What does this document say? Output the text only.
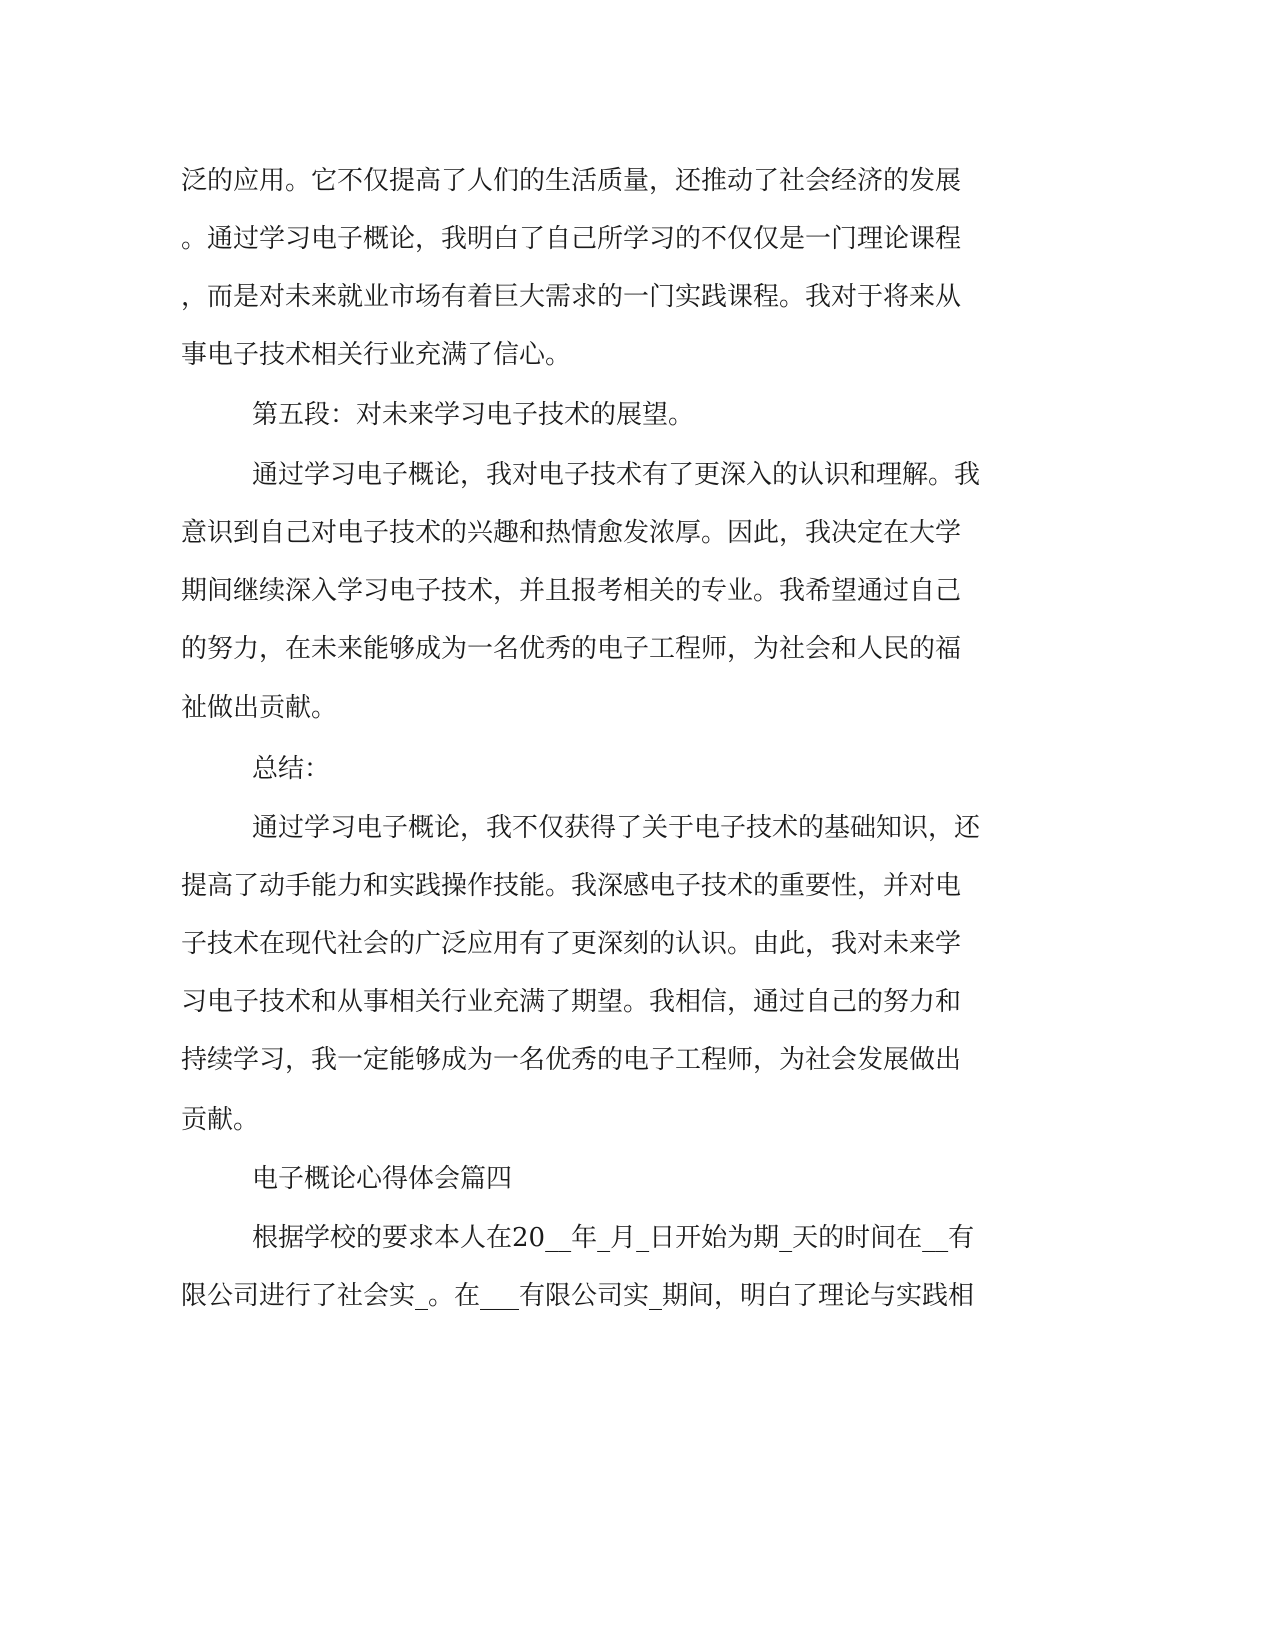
泛的应用。它不仅提高了人们的生活质量，还推动了社会经济的发展

。通过学习电子概论，我明白了自己所学习的不仅仅是一门理论课程

，而是对未来就业市场有着巨大需求的一门实践课程。我对于将来从

事电子技术相关行业充满了信心。

第五段：对未来学习电子技术的展望。

通过学习电子概论，我对电子技术有了更深入的认识和理解。我

意识到自己对电子技术的兴趣和热情愈发浓厚。因此，我决定在大学

期间继续深入学习电子技术，并且报考相关的专业。我希望通过自己

的努力，在未来能够成为一名优秀的电子工程师，为社会和人民的福

祉做出贡献。

总结：

通过学习电子概论，我不仅获得了关于电子技术的基础知识，还

提高了动手能力和实践操作技能。我深感电子技术的重要性，并对电

子技术在现代社会的广泛应用有了更深刻的认识。由此，我对未来学

习电子技术和从事相关行业充满了期望。我相信，通过自己的努力和

持续学习，我一定能够成为一名优秀的电子工程师，为社会发展做出

贡献。

电子概论心得体会篇四

根据学校的要求本人在20__年_月_日开始为期_天的时间在__有

限公司进行了社会实_。在___有限公司实_期间，明白了理论与实践相
